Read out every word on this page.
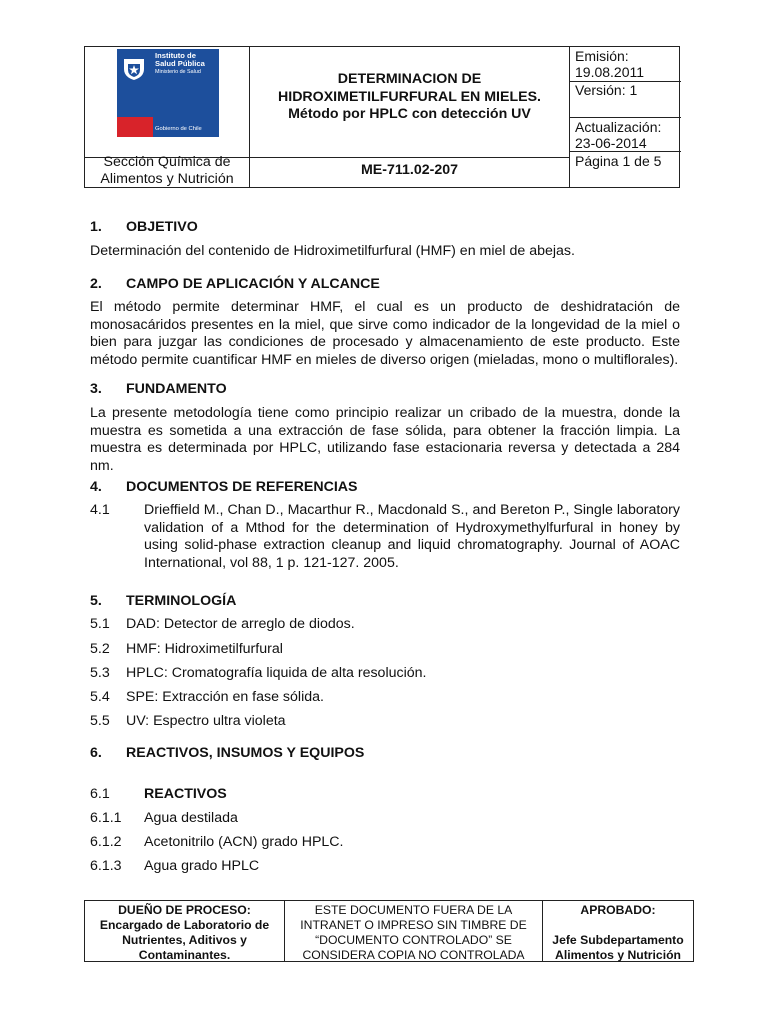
Instituto de
Salud Pública
Ministerio de Salud
Gobierno de Chile
DETERMINACION DE
HIDROXIMETILFURFURAL EN MIELES.
Método por HPLC con detección UV
Emisión:
19.08.2011
Versión: 1
Actualización:
23-06-2014
Página 1 de 5
Sección Química de
Alimentos y Nutrición
ME-711.02-207
1. OBJETIVO
Determinación del contenido de Hidroximetilfurfural (HMF) en miel de abejas.
2. CAMPO DE APLICACIÓN Y ALCANCE
El método permite determinar HMF, el cual es un producto de deshidratación de monosacáridos presentes en la miel, que sirve como indicador de la longevidad de la miel o bien para juzgar las condiciones de procesado y almacenamiento de este producto. Este método permite cuantificar HMF en mieles de diverso origen (mieladas, mono o multiflorales).
3. FUNDAMENTO
La presente metodología tiene como principio realizar un cribado de la muestra, donde la muestra es sometida a una extracción de fase sólida, para obtener la fracción limpia. La muestra es determinada por HPLC, utilizando fase estacionaria reversa y detectada a 284 nm.
4. DOCUMENTOS DE REFERENCIAS
4.1 Drieffield M., Chan D., Macarthur R., Macdonald S., and Bereton P., Single laboratory validation of a Mthod for the determination of Hydroxymethylfurfural in honey by using solid-phase extraction cleanup and liquid chromatography. Journal of AOAC International, vol 88, 1 p. 121-127. 2005.
5. TERMINOLOGÍA
5.1 DAD: Detector de arreglo de diodos.
5.2 HMF: Hidroximetilfurfural
5.3 HPLC: Cromatografía liquida de alta resolución.
5.4 SPE: Extracción en fase sólida.
5.5 UV: Espectro ultra violeta
6. REACTIVOS, INSUMOS Y EQUIPOS
6.1 REACTIVOS
6.1.1 Agua destilada
6.1.2 Acetonitrilo (ACN) grado HPLC.
6.1.3 Agua grado HPLC
DUEÑO DE PROCESO:
Encargado de Laboratorio de
Nutrientes, Aditivos y
Contaminantes.
ESTE DOCUMENTO FUERA DE LA
INTRANET O IMPRESO SIN TIMBRE DE
“DOCUMENTO CONTROLADO” SE
CONSIDERA COPIA NO CONTROLADA
APROBADO:
Jefe Subdepartamento
Alimentos y Nutrición
